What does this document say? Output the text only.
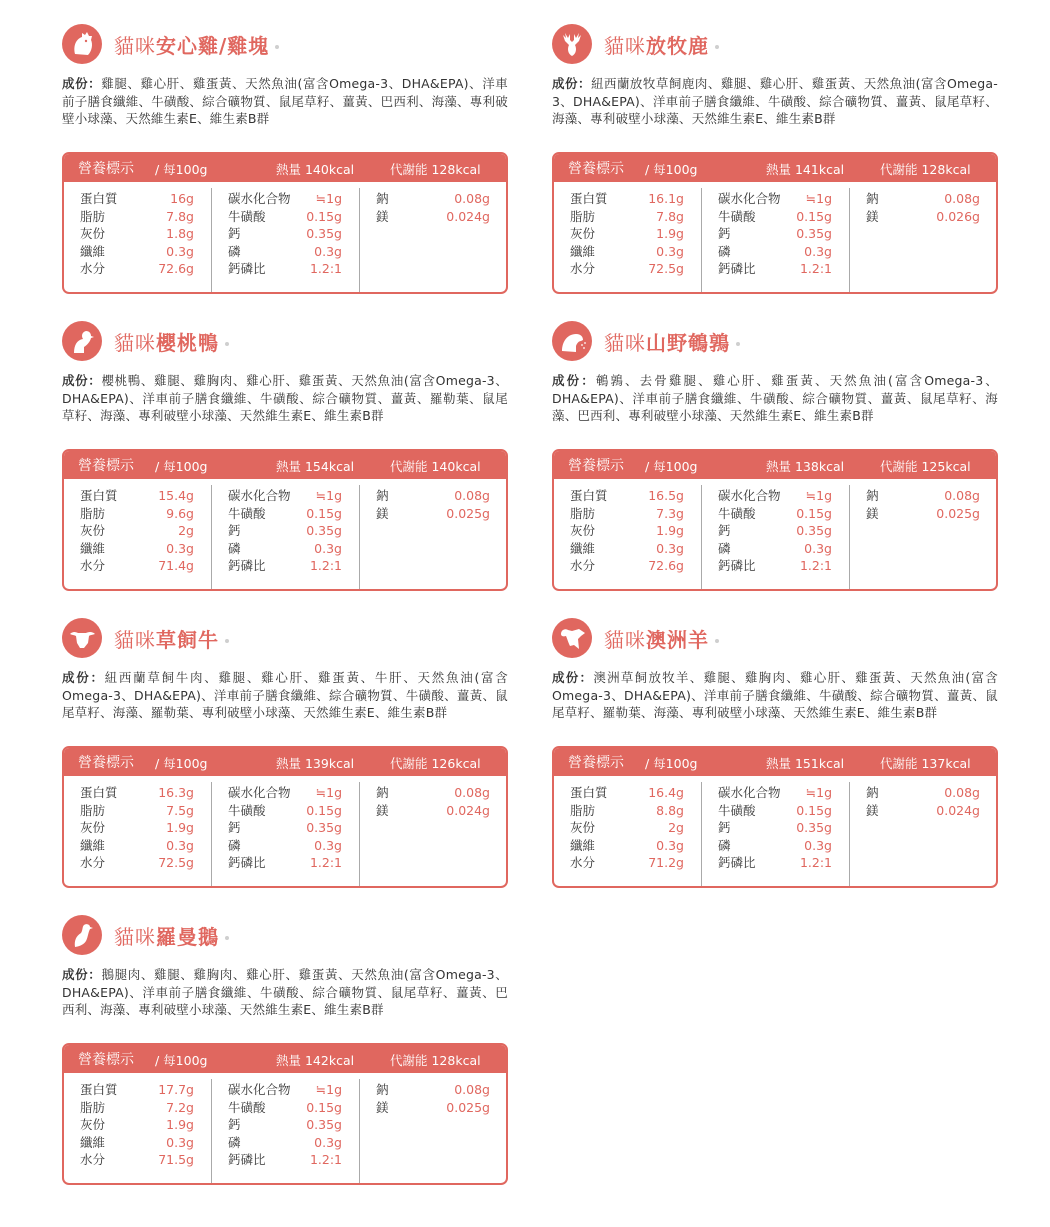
貓咪安心雞/雞塊
成份：雞腿、雞心肝、雞蛋黃、天然魚油(富含Omega-3、DHA&EPA)、洋車前子膳食纖維、牛磺酸、綜合礦物質、鼠尾草籽、薑黃、巴西利、海藻、專利破壁小球藻、天然維生素E、維生素B群
營養標示 / 每100g	熱量 140kcal	代謝能 128kcal
蛋白質	16g
脂肪	7.8g
灰份	1.8g
纖維	0.3g
水分	72.6g
碳水化合物 ≒1g
牛磺酸	0.15g
鈣	0.35g
磷	0.3g
鈣磷比	1.2:1
鈉	0.08g
鎂	0.024g
貓咪放牧鹿
成份：紐西蘭放牧草飼鹿肉、雞腿、雞心肝、雞蛋黃、天然魚油(富含Omega-3、DHA&EPA)、洋車前子膳食纖維、牛磺酸、綜合礦物質、薑黃、鼠尾草籽、海藻、專利破壁小球藻、天然維生素E、維生素B群
營養標示 / 每100g	熱量 141kcal	代謝能 128kcal
蛋白質	16.1g
脂肪	7.8g
灰份	1.9g
纖維	0.3g
水分	72.5g
碳水化合物 ≒1g
牛磺酸	0.15g
鈣	0.35g
磷	0.3g
鈣磷比	1.2:1
鈉	0.08g
鎂	0.026g
貓咪櫻桃鴨
成份：櫻桃鴨、雞腿、雞胸肉、雞心肝、雞蛋黃、天然魚油(富含Omega-3、DHA&EPA)、洋車前子膳食纖維、牛磺酸、綜合礦物質、薑黃、羅勒葉、鼠尾草籽、海藻、專利破壁小球藻、天然維生素E、維生素B群
營養標示 / 每100g	熱量 154kcal	代謝能 140kcal
蛋白質	15.4g
脂肪	9.6g
灰份	2g
纖維	0.3g
水分	71.4g
碳水化合物 ≒1g
牛磺酸	0.15g
鈣	0.35g
磷	0.3g
鈣磷比	1.2:1
鈉	0.08g
鎂	0.025g
貓咪山野鵪鶉
成份：鵪鶉、去骨雞腿、雞心肝、雞蛋黃、天然魚油(富含Omega-3、DHA&EPA)、洋車前子膳食纖維、牛磺酸、綜合礦物質、薑黃、鼠尾草籽、海藻、巴西利、專利破壁小球藻、天然維生素E、維生素B群
營養標示 / 每100g	熱量 138kcal	代謝能 125kcal
蛋白質	16.5g
脂肪	7.3g
灰份	1.9g
纖維	0.3g
水分	72.6g
碳水化合物 ≒1g
牛磺酸	0.15g
鈣	0.35g
磷	0.3g
鈣磷比	1.2:1
鈉	0.08g
鎂	0.025g
貓咪草飼牛
成份：紐西蘭草飼牛肉、雞腿、雞心肝、雞蛋黃、牛肝、天然魚油(富含Omega-3、DHA&EPA)、洋車前子膳食纖維、綜合礦物質、牛磺酸、薑黃、鼠尾草籽、海藻、羅勒葉、專利破壁小球藻、天然維生素E、維生素B群
營養標示 / 每100g	熱量 139kcal	代謝能 126kcal
蛋白質	16.3g
脂肪	7.5g
灰份	1.9g
纖維	0.3g
水分	72.5g
碳水化合物 ≒1g
牛磺酸	0.15g
鈣	0.35g
磷	0.3g
鈣磷比	1.2:1
鈉	0.08g
鎂	0.024g
貓咪澳洲羊
成份：澳洲草飼放牧羊、雞腿、雞胸肉、雞心肝、雞蛋黃、天然魚油(富含Omega-3、DHA&EPA)、洋車前子膳食纖維、牛磺酸、綜合礦物質、薑黃、鼠尾草籽、羅勒葉、海藻、專利破壁小球藻、天然維生素E、維生素B群
營養標示 / 每100g	熱量 151kcal	代謝能 137kcal
蛋白質	16.4g
脂肪	8.8g
灰份	2g
纖維	0.3g
水分	71.2g
碳水化合物 ≒1g
牛磺酸	0.15g
鈣	0.35g
磷	0.3g
鈣磷比	1.2:1
鈉	0.08g
鎂	0.024g
貓咪羅曼鵝
成份：鵝腿肉、雞腿、雞胸肉、雞心肝、雞蛋黃、天然魚油(富含Omega-3、DHA&EPA)、洋車前子膳食纖維、牛磺酸、綜合礦物質、鼠尾草籽、薑黃、巴西利、海藻、專利破壁小球藻、天然維生素E、維生素B群
營養標示 / 每100g	熱量 142kcal	代謝能 128kcal
蛋白質	17.7g
脂肪	7.2g
灰份	1.9g
纖維	0.3g
水分	71.5g
碳水化合物 ≒1g
牛磺酸	0.15g
鈣	0.35g
磷	0.3g
鈣磷比	1.2:1
鈉	0.08g
鎂	0.025g
